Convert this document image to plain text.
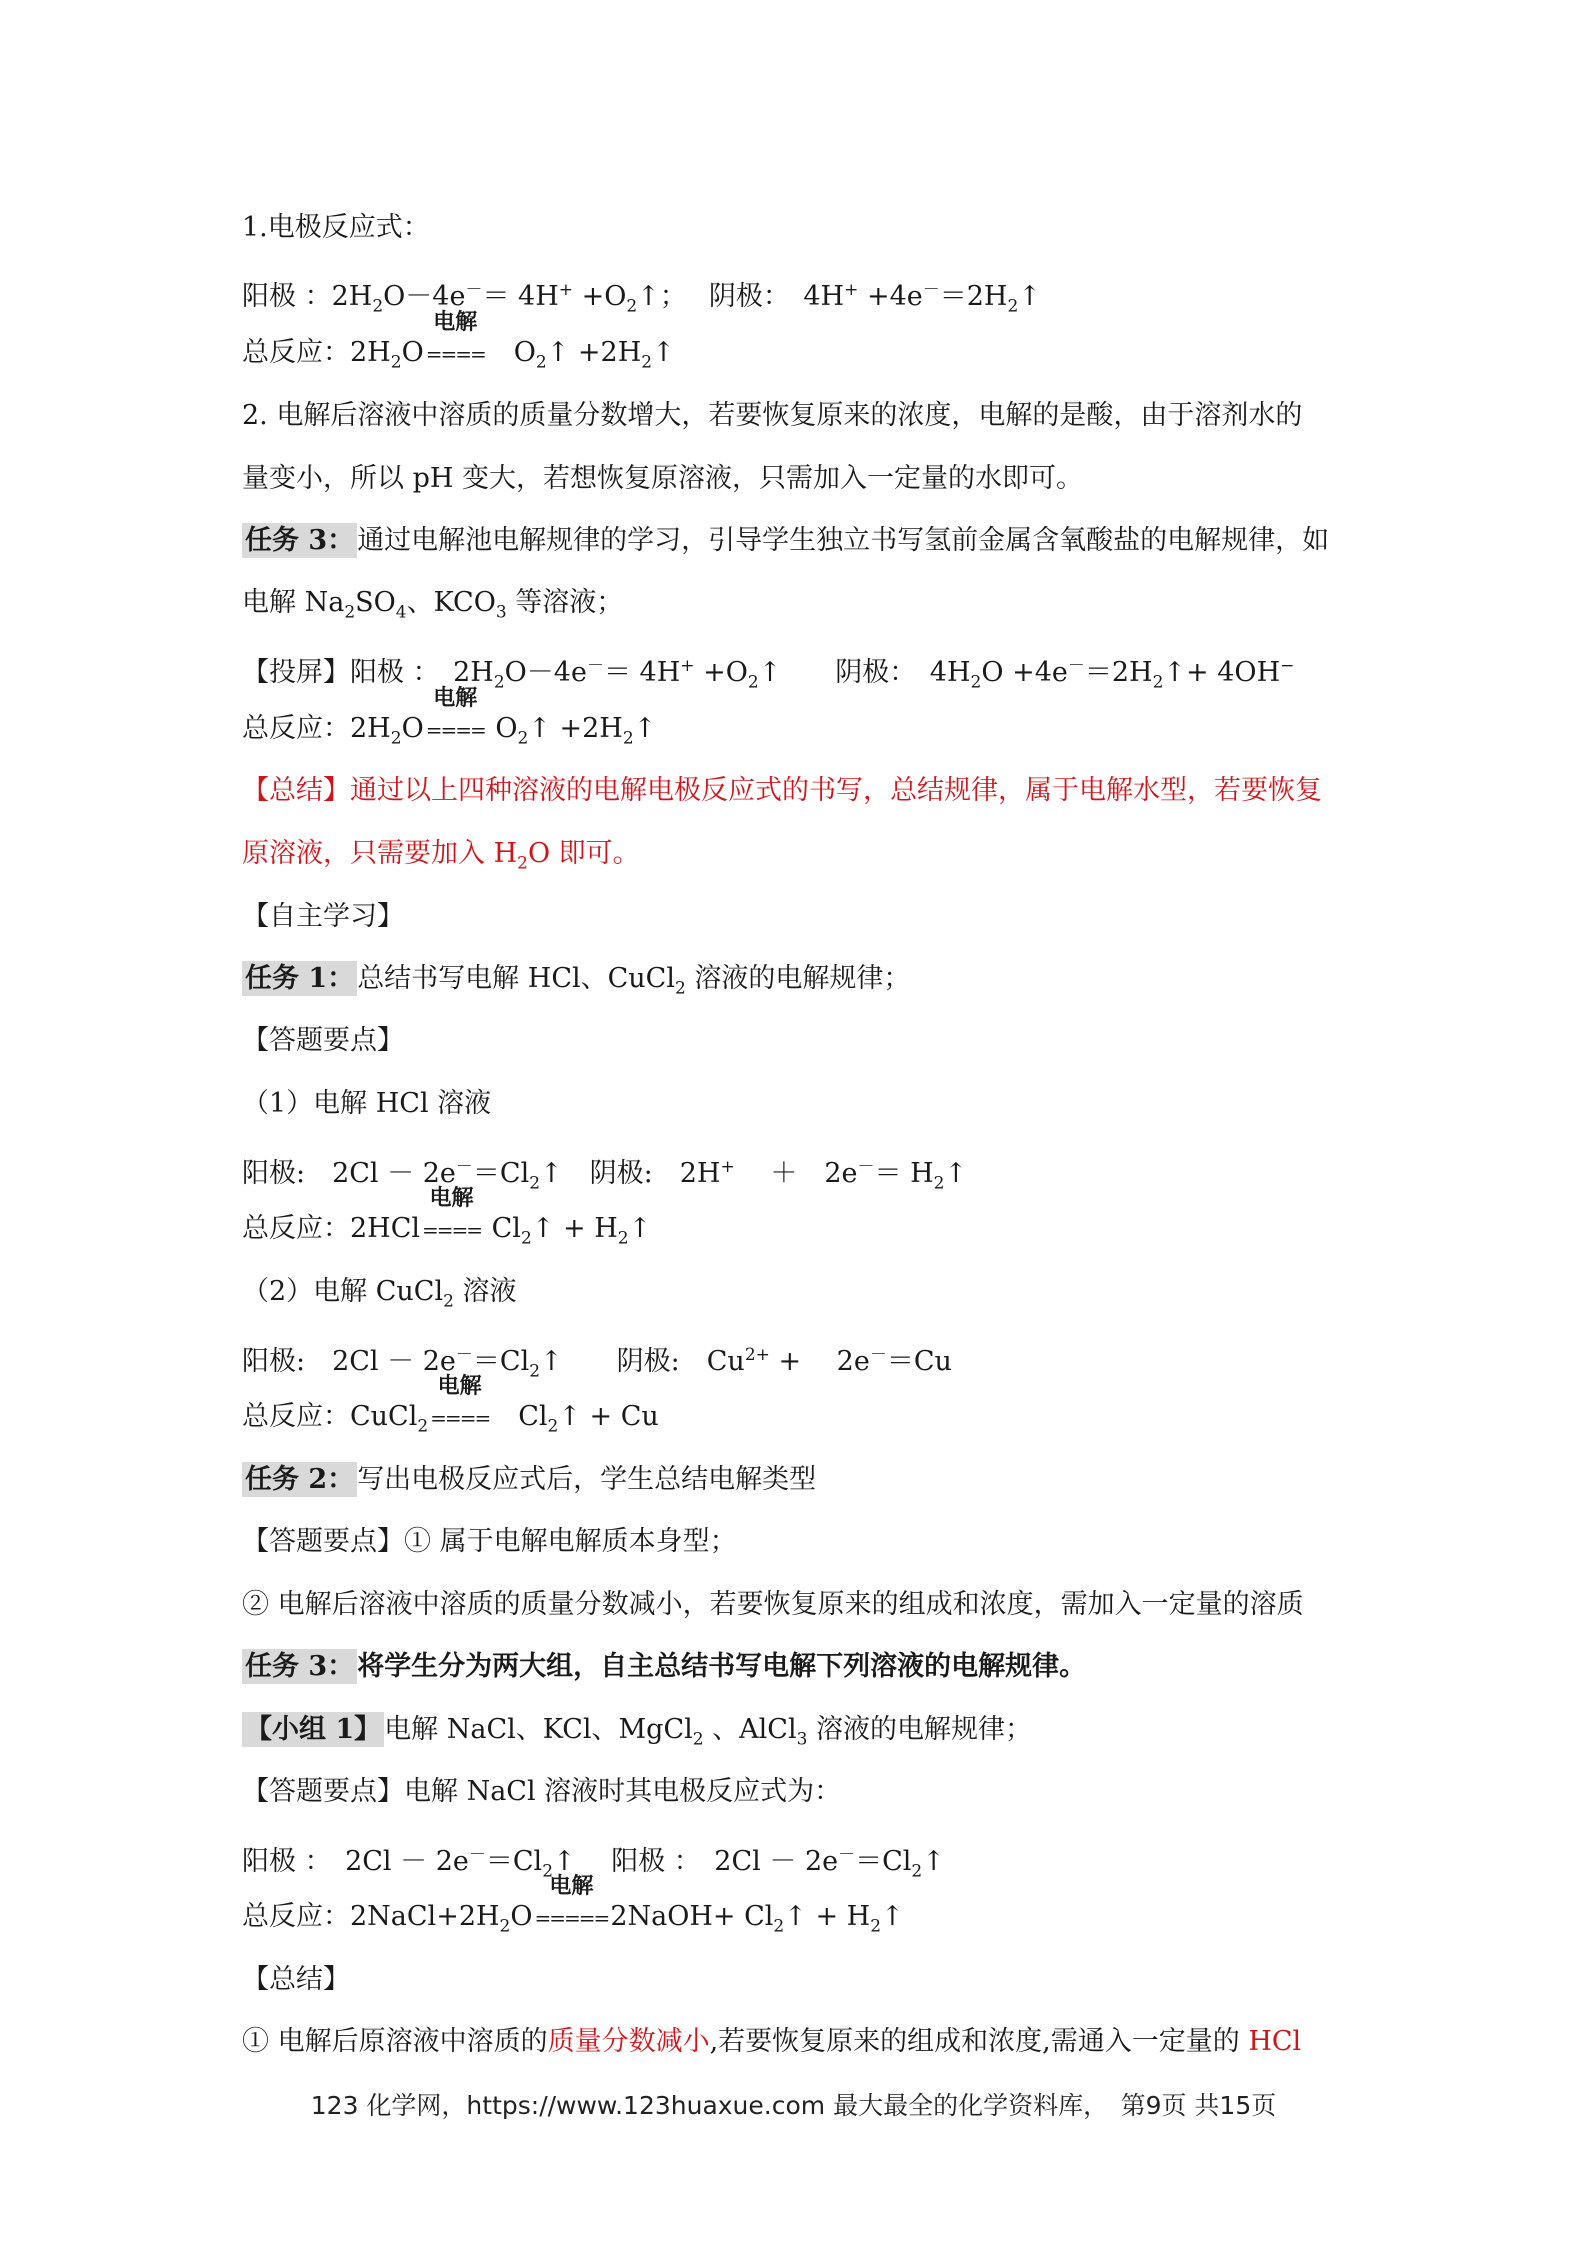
1.电极反应式：
阳极 ：$2H_2O-4e^-= 4H^+$ $+O_2↑$；　 阴极：　$4H^+ +4e^-=2H_2↑$
总反应：$2H_2O$
电解
====　$O_2↑$ $+2H_2↑$
2. 电解后溶液中溶质的质量分数增大，若要恢复原来的浓度，电解的是酸，由于溶剂水的
量变小，所以 pH 变大，若想恢复原溶液，只需加入一定量的水即可。
任务 3： 通过电解池电解规律的学习，引导学生独立书写氢前金属含氧酸盐的电解规律，如
电解 $Na_2SO_4$、$KCO_3$ 等溶液；
【投屏】阳极 ：　$2H_2O-4e^-= 4H^+$ $+O_2↑$　　阴极：　$4H_2O$ $+4e^-=2H_2↑+ 4OH^-$
总反应：$2H_2O$
电解
==== $O_2↑$ $+2H_2↑$
【总结】通过以上四种溶液的电解电极反应式的书写，总结规律，属于电解水型，若要恢复
原溶液，只需要加入 $H_2O$ 即可。
【自主学习】
任务 1： 总结书写电解 HCl、CuCl$_2$ 溶液的电解规律；
【答题要点】
（1）电解 HCl 溶液
阳极:　$2Cl - 2e^-=Cl_2↑$　阴极:　2H+　 ＋　$2e^-= H_2↑$
总反应：2HCl
电解
==== $Cl_2↑$ + $H_2↑$
（2）电解 CuCl$_2$ 溶液
阳极:　$2Cl - 2e^-=Cl_2↑$　　阴极:　$Cu^{2+}$ +　 2e－＝Cu
总反应：CuCl$_2$
电解
====　$Cl_2↑ + Cu$
任务 2： 写出电极反应式后，学生总结电解类型
【答题要点】① 属于电解电解质本身型；
② 电解后溶液中溶质的质量分数减小，若要恢复原来的组成和浓度，需加入一定量的溶质
任务 3： 将学生分为两大组，自主总结书写电解下列溶液的电解规律。
【小组 1】 电解 NaCl、KCl、MgCl$_2$ 、AlCl$_3$ 溶液的电解规律；
【答题要点】电解 NaCl 溶液时其电极反应式为：
阳极 ：　$2Cl - 2e^-=Cl_2↑$　 阳极 ：　$2Cl - 2e^-=Cl_2↑$
总反应：$2NaCl+2H_2O$
电解
=====2NaOH+ $Cl_2↑$ + $H_2↑$
【总结】
① 电解后原溶液中溶质的质量分数减小,若要恢复原来的组成和浓度,需通入一定量的 HCl
123 化学网，https://www.123huaxue.com 最大最全的化学资料库，　第9页 共15页
